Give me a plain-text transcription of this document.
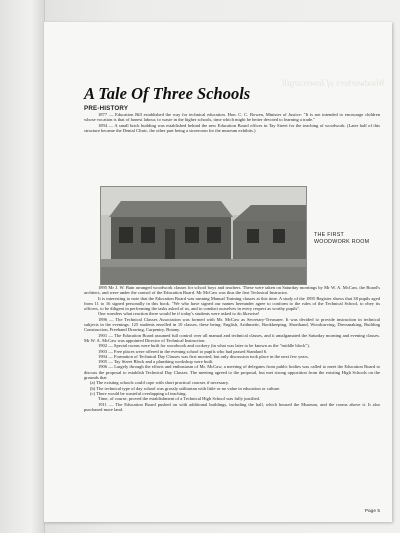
Woodworkers of Invercargill
A Tale Of Three Schools
PRE-HISTORY

1877 — Education Bill established the way for technical education. Hon. C. C. Bowen, Minister of Justice: "It is not intended to encourage children whose vocation is that of honest labour, to waste in the higher schools, time which might be better devoted to learning a trade."

1894 — A small brick building was established behind the new Education Board offices in Tay Street for the teaching of woodwork. (Later half of this structure became the Dental Clinic, the other part being a storeroom for the museum exhibits.)

THE FIRST
WOODWORK ROOM

1895 Mr J. W. Bain arranged woodwork classes for school boys and teachers. These were taken on Saturday mornings by Mr W. A. McCaw, the Board's architect, and were under the control of the Education Board. Mr McCaw was thus the first Technical Instructor.

It is interesting to note that the Education Board was running Manual Training classes at this time. A study of the 1895 Register shows that 38 pupils aged from 11 to 16 signed personally in this book. "We who have signed our names hereunder agree to conform to the rules of the Technical School, to obey its officers, to be diligent in performing the tasks asked of us, and to conduct ourselves in every respect as worthy pupils".

One wonders what reaction there would be if today's students were asked to do likewise!

1896 — The Technical Classes Association was formed with Mr. McCaw as Secretary-Treasurer. It was decided to provide instruction in technical subjects in the evenings. 125 students enrolled in 10 classes, these being: English, Arithmetic, Bookkeeping, Shorthand, Woodcarving, Dressmaking, Building Construction, Freehand Drawing, Carpentry, Botany.

1901 — The Education Board assumed full control over all manual and technical classes, and it amalgamated the Saturday morning and evening classes. Mr W. A. McCaw was appointed Director of Technical Instruction.

1902 — Special rooms were built for woodwork and cookery (in what was later to be known as the "middle block").

1903 — Free places were offered in the evening school to pupils who had passed Standard 6.

1904 — Formation of Technical Day Classes was first mooted, but only discussion took place in the next few years.

1905 — Tay Street Block and a plumbing workshop were built.

1906 — Largely through the efforts and enthusiasm of Mr. McCaw, a meeting of delegates from public bodies was called to meet the Education Board to discuss the proposal to establish Technical Day Classes. The meeting agreed to the proposal, but met strong opposition from the existing High Schools on the grounds that

(a) The existing schools could cope with short practical courses if necessary.

(b) The technical type of day school was grossly utilitarian with little or no value in education or culture.

(c) There would be wasteful overlapping of teaching.

Time, of course, proved the establishment of a Technical High School was fully justified.

1911 — The Education Board pushed on with additional buildings, including the hall, which housed the Museum, and the rooms above it. It also purchased more land.

Page 5
